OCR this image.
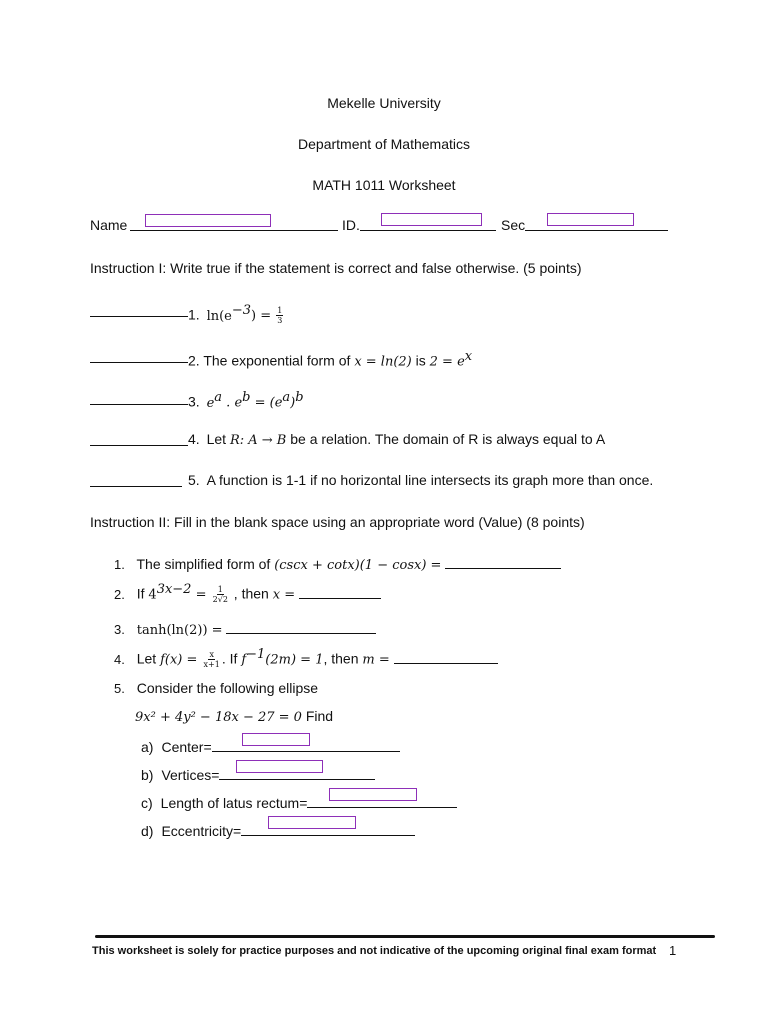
Mekelle University
Department of Mathematics
MATH 1011 Worksheet
Name	ID.	Sec
Instruction I: Write true if the statement is correct and false otherwise. (5 points)
1. $\ln(e^{-3}) = \frac{1}{3}$
2. The exponential form of x = ln(2) is $2 = e^x$
3. $e^a$ . $e^b = (e^a)^b$
4. Let R: A → B be a relation. The domain of R is always equal to A
5. A function is 1-1 if no horizontal line intersects its graph more than once.
Instruction II: Fill in the blank space using an appropriate word (Value) (8 points)
1. The simplified form of (cscx + cotx)(1 − cosx) =
2. If $4^{3x-2} = \frac{1}{2√2}$ , then x =
3. tanh(ln(2)) =
4. Let $f(x) = \frac{x}{x+1}$ . If $f^{-1}(2m) = 1$, then m =
5. Consider the following ellipse
9x² + 4y² − 18x − 27 = 0 Find
a) Center=
b) Vertices=
c) Length of latus rectum=
d) Eccentricity=
This worksheet is solely for practice purposes and not indicative of the upcoming original final exam format 1
